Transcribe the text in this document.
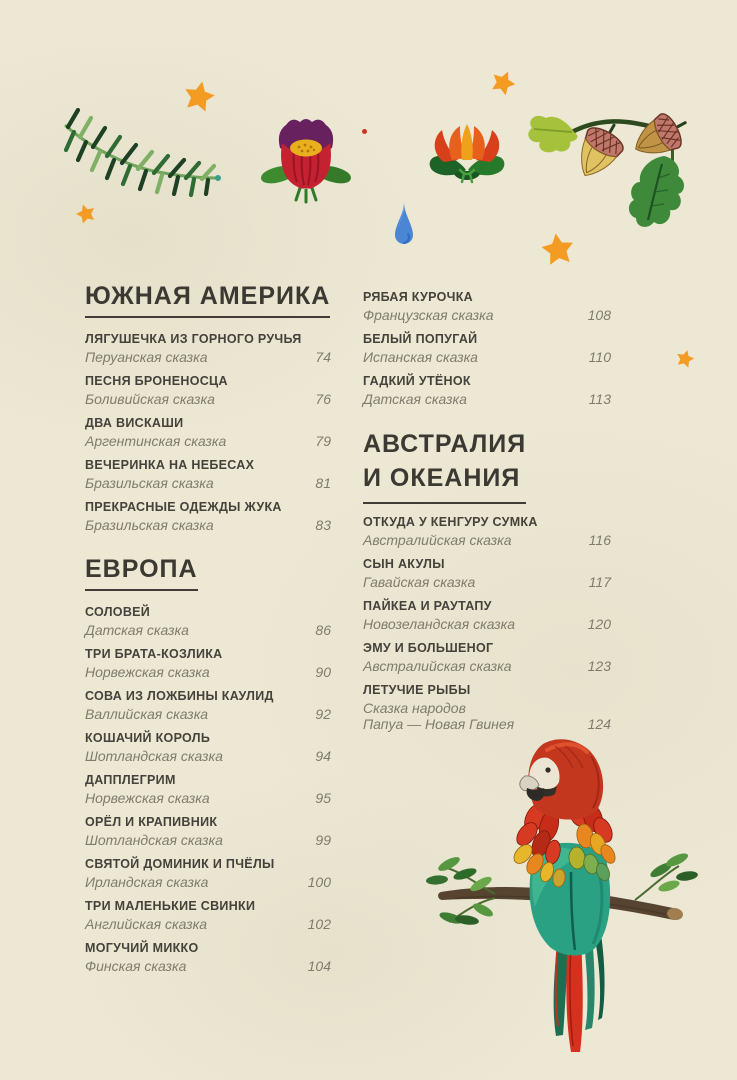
ЮЖНАЯ АМЕРИКА
ЛЯГУШЕЧКА ИЗ ГОРНОГО РУЧЬЯ
Перуанская сказка	74
ПЕСНЯ БРОНЕНОСЦА
Боливийская сказка	76
ДВА ВИСКАШИ
Аргентинская сказка	79
ВЕЧЕРИНКА НА НЕБЕСАХ
Бразильская сказка	81
ПРЕКРАСНЫЕ ОДЕЖДЫ ЖУКА
Бразильская сказка	83
ЕВРОПА
СОЛОВЕЙ
Датская сказка	86
ТРИ БРАТА-КОЗЛИКА
Норвежская сказка	90
СОВА ИЗ ЛОЖБИНЫ КАУЛИД
Валлийская сказка	92
КОШАЧИЙ КОРОЛЬ
Шотландская сказка	94
ДАППЛЕГРИМ
Норвежская сказка	95
ОРЁЛ И КРАПИВНИК
Шотландская сказка	99
СВЯТОЙ ДОМИНИК И ПЧЁЛЫ
Ирландская сказка	100
ТРИ МАЛЕНЬКИЕ СВИНКИ
Английская сказка	102
МОГУЧИЙ МИККО
Финская сказка	104
РЯБАЯ КУРОЧКА
Французская сказка	108
БЕЛЫЙ ПОПУГАЙ
Испанская сказка	110
ГАДКИЙ УТЁНОК
Датская сказка	113
АВСТРАЛИЯ
И ОКЕАНИЯ
ОТКУДА У КЕНГУРУ СУМКА
Австралийская сказка	116
СЫН АКУЛЫ
Гавайская сказка	117
ПАЙКЕА И РАУТАПУ
Новозеландская сказка	120
ЭМУ И БОЛЬШЕНОГ
Австралийская сказка	123
ЛЕТУЧИЕ РЫБЫ
Сказка народов
Папуа — Новая Гвинея	124
